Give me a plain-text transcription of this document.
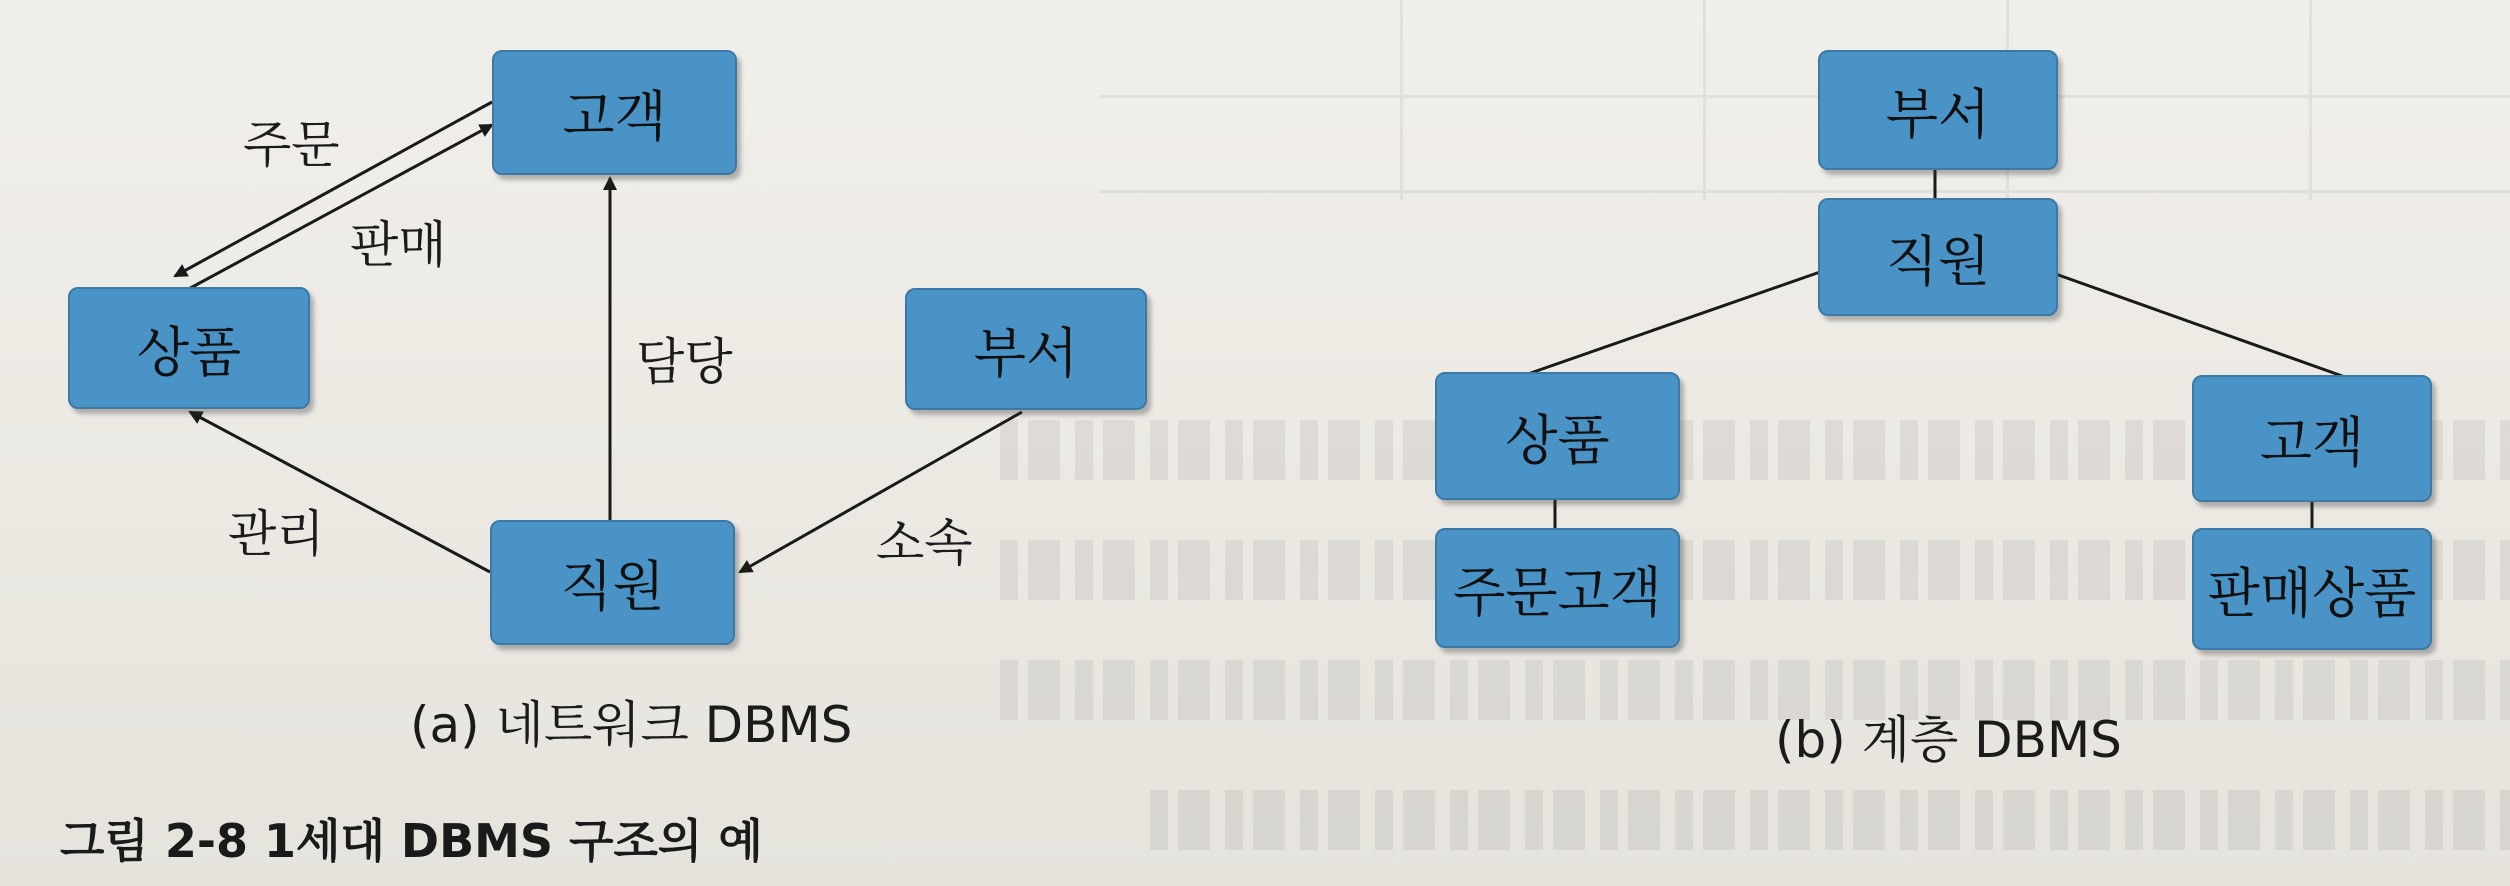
고객
상품	부서
직원
주문
판매
담당
관리	소속
부서
직원
상품
주문고객
고객
판매상품
(a) 네트워크 DBMS	(b) 계층 DBMS
그림 2-8 1세대 DBMS 구조의 예
